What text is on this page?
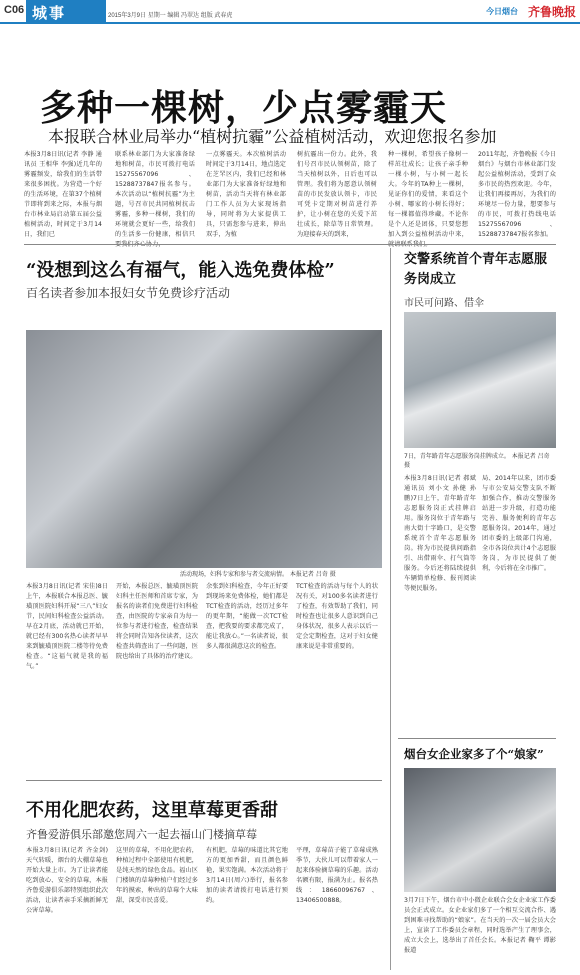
C06 城事	2015年3月9日 星期一 编辑 冯翠达 组版 武春虎	今日烟台 齐鲁晚报
多种一棵树，少点雾霾天
本报联合林业局举办“植树抗霾”公益植树活动，欢迎您报名参加
本报3月8日讯(记者 李静 通讯员 王相华 李强)近几年的雾霾频发，给我们的生活带来很多困扰。为营造一个好的生活环境，在第37个植树节即将到来之际，本报与烟台市林业局启动第五届公益植树活动，时间定于3月14日，我们已
联系林业部门为大家准备绿地和树苗，市民可拨打电话15275567096、15288737847报名参与。本次活动以“植树抗霾”为主题，号召市民共同植树抗击雾霾，多种一棵树，我们的环境就会更好一些，给我们的生活多一份健康，相信只
一点雾霾天。本次植树活动时间定于3月14日，地点选定在芝罘区内，我们已经和林业部门为大家准备好绿地和树苗，活动当天将有林业部门工作人员为大家现场指导，同时将为大家提供工具，只需您参与进来，伸出双手，为植
树抗霾出一份力。此外，我们号召市民认领树苗，除了当天植树以外，日后也可以管理。我们将为愿意认领树苗的市民发放认领卡，市民可凭卡定期对树苗进行养护，让小树在您的关爱下茁壮成长，除草等日常管理。为迎接春天的到来，
种一棵树，希望孩子像树一样茁壮成长；让孩子亲手种一棵小树，与小树一起长大。今年的TA种上一棵树，见证你们的爱情，来看这个小树、哪家的小树长得好；每一棵都值得珍藏。不论你是个人还是团体，只要您想加入到公益植树活动中来，
2011年起，齐鲁晚报《今日烟台》与烟台市林业部门发起公益植树活动，受到了众多市民的热烈欢迎。今年，让我们再接再厉，为我们的环境尽一份力量，想要参与的市民，可拨打热线电话15275567096、15288737847报名参加。
“没想到这么有福气，能入选免费体检”
百名读者参加本报妇女节免费诊疗活动
活动现场，妇科专家和参与者交流病情。 本报记者 吕奇 摄
本报3月8日讯(记者 宋佳)8日上午，本报联合本报总医、毓璜顶医院妇科开展“三八”妇女节，民间妇科检查公益活动。早在2月底，活动就已开始，就已经有300名热心读者早早来到毓璜顶医院二楼等待免费检查。“这福气就是我的福气。”
开始，本报总医、毓璜顶医院妇科主任医师和首席专家，为报名的读者们免费进行妇科检查，由医院的专家亲自为每一位参与者进行检查，检查结果将会同时告知各位读者，这次检查共筛查出了一些问题，医院也给出了具体的治疗建议。
余张到妇科检查，今年正好要到现场来免费体检，她们都是TCT检查的活动，经历过多年的更年期，“能做一次TCT检查，把我要的要求都完成了，能让我放心。”一名读者说，很多人都很满意这次的检查。
TCT检查的活动与每个人的状况有关，对100多名读者进行了检查，有效帮助了我们，同时检查也让很多人意识到自己身体状况，很多人表示以后一定会定期检查，这对于妇女健康来说是非常重要的。
交警系统首个青年志愿服务岗成立
市民可问路、借伞
7日，青年路青年志愿服务岗挂牌成立。 本报记者 吕奇 摄
本报3月8日讯(记者 郝斌 通讯员 刘小文 孙健 孙鹏)7日上午，青年路青年志愿服务岗正式挂牌启用。服务岗位于青年路与南大街十字路口，是交警系统首个青年志愿服务岗。将为市民提供问路指引、出借雨伞、打气筒等服务。今后还将陆续提供车辆简单检修、报刊阅读等便民服务。
局、2014年以来，团市委与市公安局交警支队不断加强合作，推动交警服务站进一步升级，打造功能完善、服务便利的青年志愿服务岗。2014年，通过团市委的上级部门沟通，全市各岗位共计4个志愿服务岗，为市民提供了便利，今后将在全市推广。
不用化肥农药，这里草莓更香甜
齐鲁爱游俱乐部邀您周六一起去福山门楼摘草莓
本报3月8日讯(记者 齐金剑)天气转暖，烟台的大棚草莓也开始大量上市。为了让读者能吃到放心、安全的草莓，本报齐鲁爱游俱乐部特别组织此次活动，让读者亲手采摘新鲜无公害草莓。
这里的草莓，不用化肥农药，种植过程中全部使用有机肥，是纯天然的绿色食品。福山区门楼镇的草莓种植户们经过多年的摸索，种出的草莓个大味甜，深受市民喜爱。
有机肥，草莓的味道比其它地方的更加香甜，而且颜色鲜艳，果实饱满。本次活动将于3月14日(周六)举行，报名参加的读者请拨打电话进行预约。
平理，草莓苗子能了草莓成熟季节，大伙儿可以带着家人一起来体验摘草莓的乐趣。活动名额有限，报满为止。报名热线：18660096767、13406500888。
烟台女企业家多了个“娘家”
3月7日下午，烟台市中小微企业联合会女企业家工作委员会正式成立。女企业家们多了一个相互交流合作、遇到困难寻找帮助的“娘家”。在当天的一次一届会员大会上，宣读了工作委员会章程，同时选举产生了理事会，成立大会上，选举出了首任会长。本报记者 鞠平 谭影 报道
